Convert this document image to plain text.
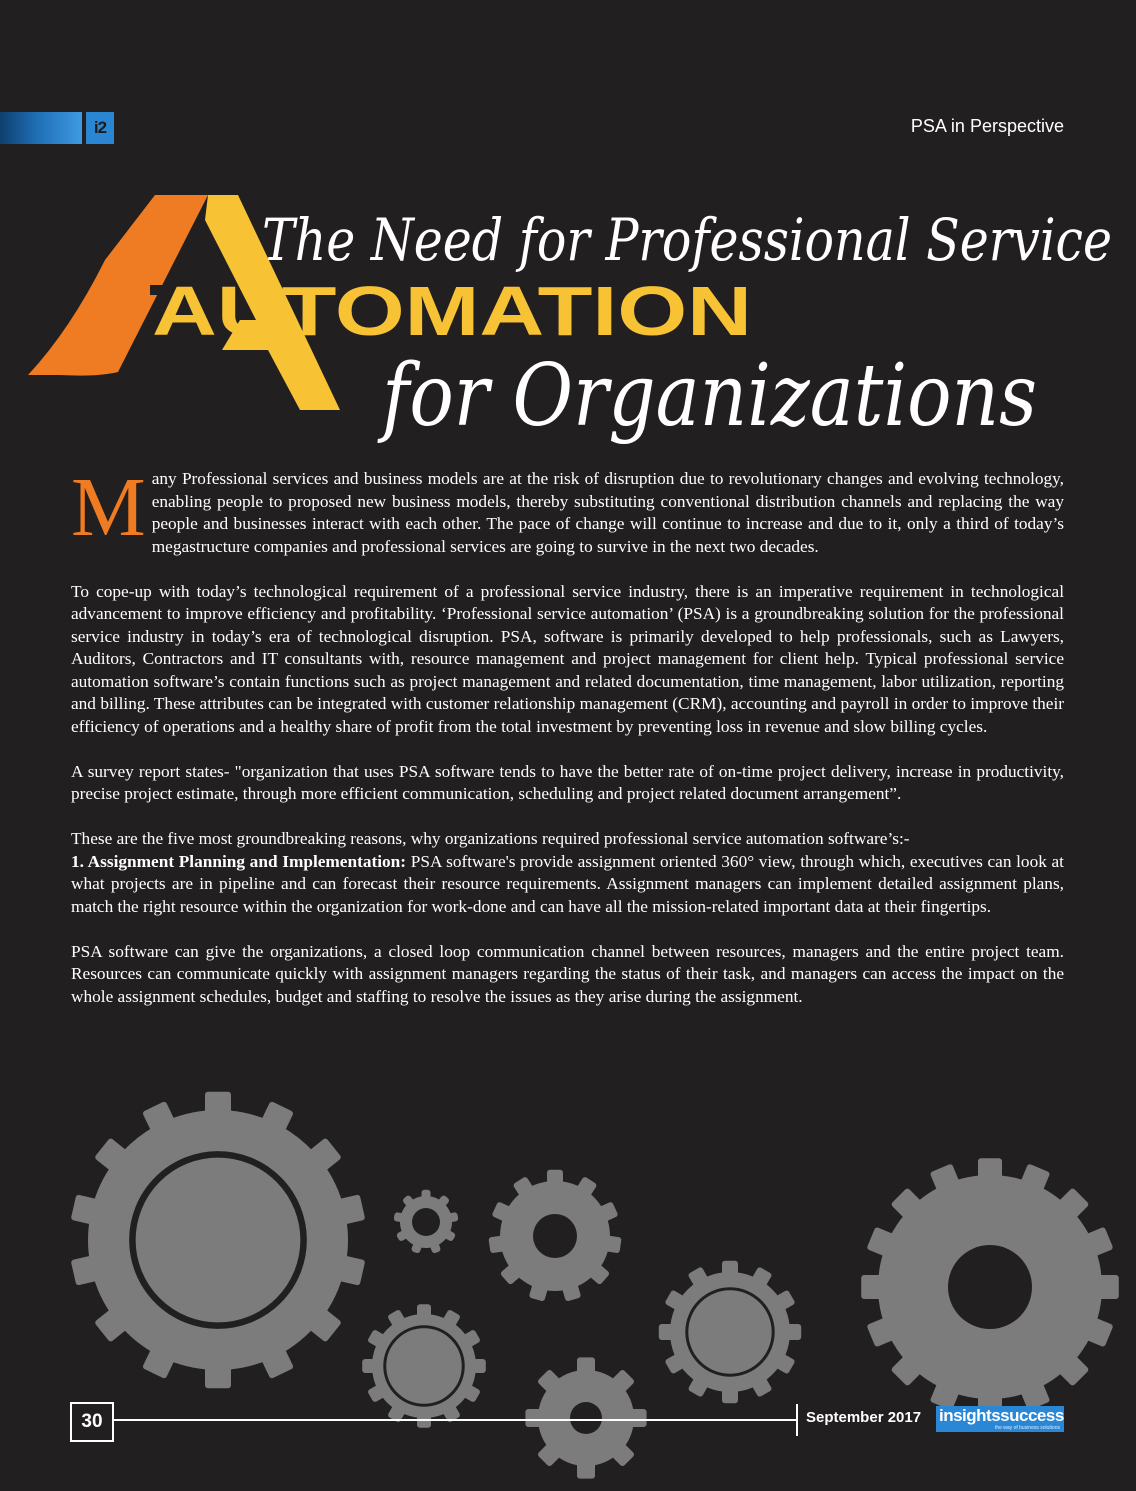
i2	PSA in Perspective
The Need for Professional Service
AUTOMATION
for Organizations

Many Professional services and business models are at the risk of disruption due to revolutionary changes and evolving technology, enabling people to proposed new business models, thereby substituting conventional distribution channels and replacing the way people and businesses interact with each other. The pace of change will continue to increase and due to it, only a third of today’s megastructure companies and professional services are going to survive in the next two decades.

To cope-up with today’s technological requirement of a professional service industry, there is an imperative requirement in technological advancement to improve efficiency and profitability. ‘Professional service automation’ (PSA) is a groundbreaking solution for the professional service industry in today’s era of technological disruption. PSA, software is primarily developed to help professionals, such as Lawyers, Auditors, Contractors and IT consultants with, resource management and project management for client help. Typical professional service automation software’s contain functions such as project management and related documentation, time management, labor utilization, reporting and billing. These attributes can be integrated with customer relationship management (CRM), accounting and payroll in order to improve their efficiency of operations and a healthy share of profit from the total investment by preventing loss in revenue and slow billing cycles.

A survey report states- "organization that uses PSA software tends to have the better rate of on-time project delivery, increase in productivity, precise project estimate, through more efficient communication, scheduling and project related document arrangement”.

These are the five most groundbreaking reasons, why organizations required professional service automation software’s:-

1. Assignment Planning and Implementation: PSA software's provide assignment oriented 360° view, through which, executives can look at what projects are in pipeline and can forecast their resource requirements. Assignment managers can implement detailed assignment plans, match the right resource within the organization for work-done and can have all the mission-related important data at their fingertips.

PSA software can give the organizations, a closed loop communication channel between resources, managers and the entire project team. Resources can communicate quickly with assignment managers regarding the status of their task, and managers can access the impact on the whole assignment schedules, budget and staffing to resolve the issues as they arise during the assignment.

30	September 2017 insightssuccess
the way of business solutions
